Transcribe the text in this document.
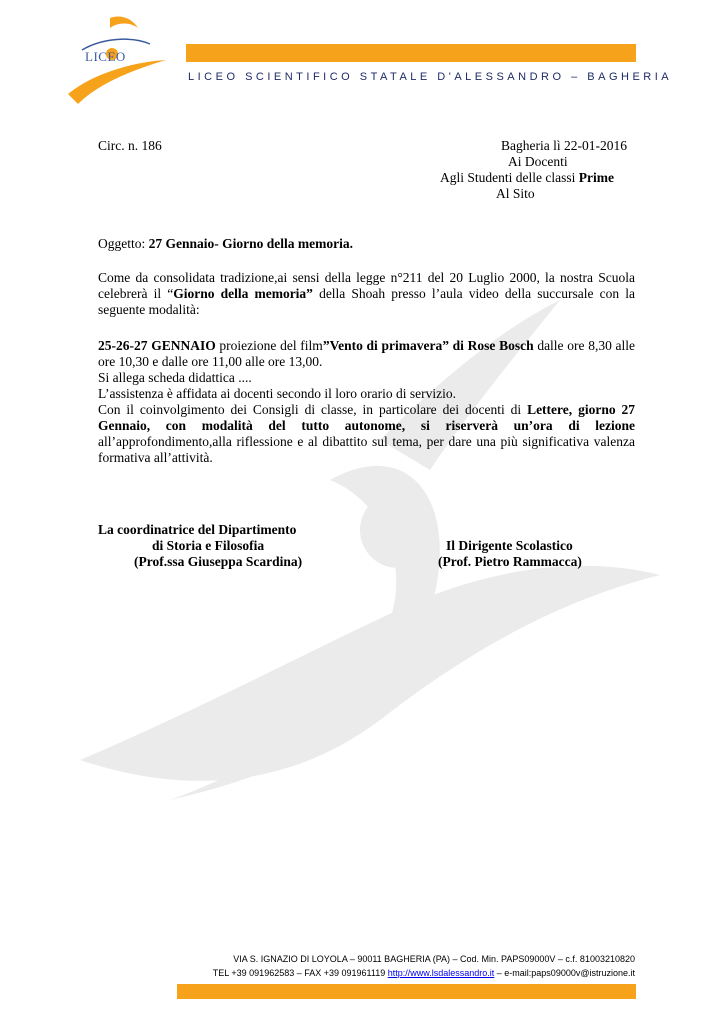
LICEO
LICEO SCIENTIFICO STATALE D'ALESSANDRO – BAGHERIA
Circ. n. 186	Bagheria lì 22-01-2016
Ai Docenti
Agli Studenti delle classi Prime
Al Sito
Oggetto: 27 Gennaio- Giorno della memoria.
Come da consolidata tradizione,ai sensi della legge n°211 del 20 Luglio 2000, la nostra Scuola celebrerà il “Giorno della memoria” della Shoah presso l’aula video della succursale con la seguente modalità:
25-26-27 GENNAIO proiezione del film”Vento di primavera” di Rose Bosch dalle ore 8,30 alle ore 10,30 e dalle ore 11,00 alle ore 13,00.
Si allega scheda didattica ....
L’assistenza è affidata ai docenti secondo il loro orario di servizio.
Con il coinvolgimento dei Consigli di classe, in particolare dei docenti di Lettere, giorno 27 Gennaio, con modalità del tutto autonome, si riserverà un’ora di lezione all’approfondimento,alla riflessione e al dibattito sul tema, per dare una più significativa valenza formativa all’attività.
La coordinatrice del Dipartimento
di Storia e Filosofia
(Prof.ssa Giuseppa Scardina)
Il Dirigente Scolastico
(Prof. Pietro Rammacca)
VIA S. IGNAZIO DI LOYOLA – 90011 BAGHERIA (PA) – Cod. Min. PAPS09000V – c.f. 81003210820
TEL +39 091962583 – FAX +39 091961119 http://www.lsdalessandro.it – e-mail:paps09000v@istruzione.it
